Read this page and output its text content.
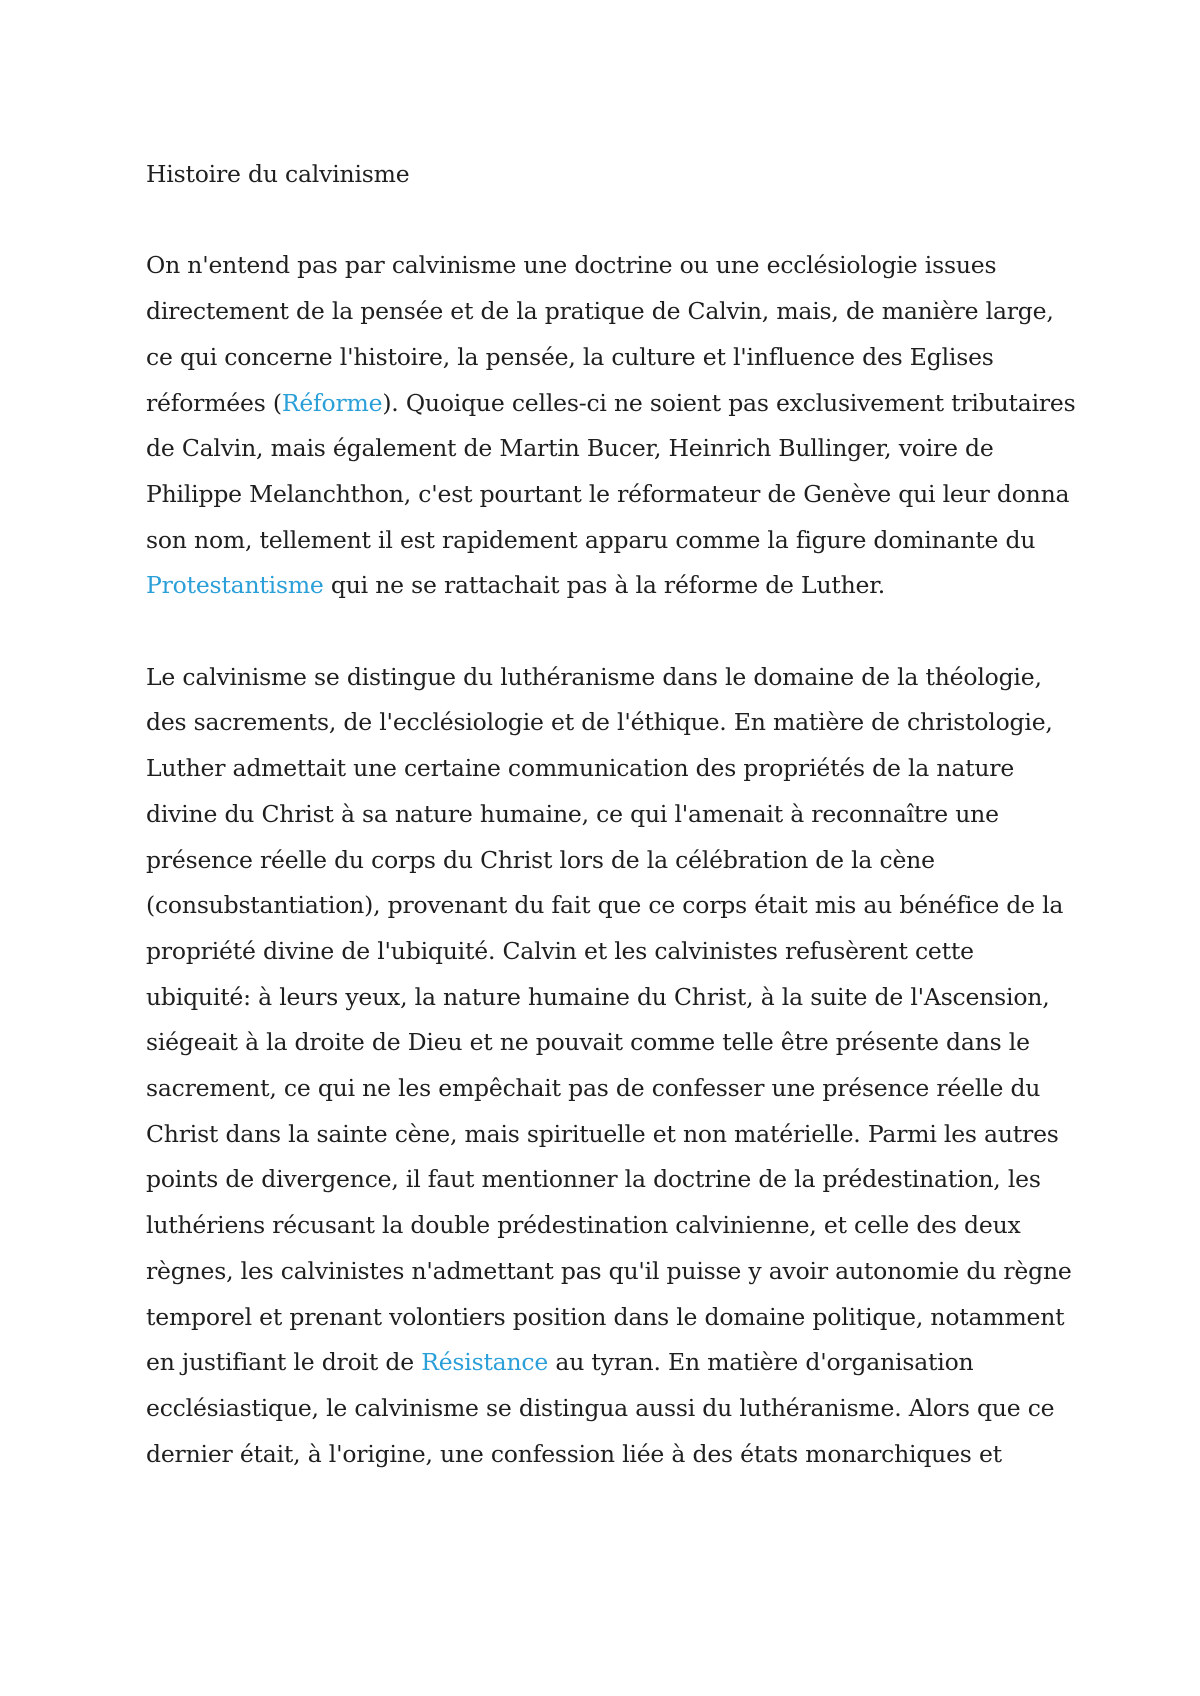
Histoire du calvinisme
On n'entend pas par calvinisme une doctrine ou une ecclésiologie issues directement de la pensée et de la pratique de Calvin, mais, de manière large, ce qui concerne l'histoire, la pensée, la culture et l'influence des Eglises réformées (Réforme). Quoique celles-ci ne soient pas exclusivement tributaires de Calvin, mais également de Martin Bucer, Heinrich Bullinger, voire de Philippe Melanchthon, c'est pourtant le réformateur de Genève qui leur donna son nom, tellement il est rapidement apparu comme la figure dominante du Protestantisme qui ne se rattachait pas à la réforme de Luther.
Le calvinisme se distingue du luthéranisme dans le domaine de la théologie, des sacrements, de l'ecclésiologie et de l'éthique. En matière de christologie, Luther admettait une certaine communication des propriétés de la nature divine du Christ à sa nature humaine, ce qui l'amenait à reconnaître une présence réelle du corps du Christ lors de la célébration de la cène (consubstantiation), provenant du fait que ce corps était mis au bénéfice de la propriété divine de l'ubiquité. Calvin et les calvinistes refusèrent cette ubiquité: à leurs yeux, la nature humaine du Christ, à la suite de l'Ascension, siégeait à la droite de Dieu et ne pouvait comme telle être présente dans le sacrement, ce qui ne les empêchait pas de confesser une présence réelle du Christ dans la sainte cène, mais spirituelle et non matérielle. Parmi les autres points de divergence, il faut mentionner la doctrine de la prédestination, les luthériens récusant la double prédestination calvinienne, et celle des deux règnes, les calvinistes n'admettant pas qu'il puisse y avoir autonomie du règne temporel et prenant volontiers position dans le domaine politique, notamment en justifiant le droit de Résistance au tyran. En matière d'organisation ecclésiastique, le calvinisme se distingua aussi du luthéranisme. Alors que ce dernier était, à l'origine, une confession liée à des états monarchiques et
